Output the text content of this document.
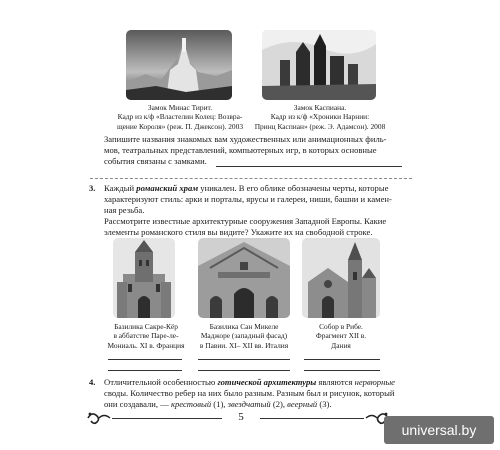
Замок Минас Тирит.
Кадр из к/ф «Властелин Колец: Возвра-
щение Короля» (реж. П. Джексон). 2003
Замок Каспиана.
Кадр из к/ф «Хроники Нарнии:
Принц Каспиан» (реж. Э. Адамсон). 2008
Запишите названия знакомых вам художественных или анимационных филь-
мов, театральных представлений, компьютерных игр, в которых основные
события связаны с замками.
3. Каждый романский храм уникален. В его облике обозначены черты, которые
характеризуют стиль: арки и порталы, ярусы и галереи, ниши, башни и камен-
ная резьба.
Рассмотрите известные архитектурные сооружения Западной Европы. Какие
элементы романского стиля вы видите? Укажите их на свободной строке.
Базилика Сакре-Кёр
в аббатстве Паре-ле-
Мониаль. XI в. Франция
Базилика Сан Микеле
Маджоре (западный фасад)
в Павии. XI– XII вв. Италия
Собор в Рибе.
Фрагмент XII в.
Дания
4. Отличительной особенностью готической архитектуры являются нервюрные
своды. Количество ребер на них было разным. Разным был и рисунок, который
они создавали, — крестовый (1), звездчатый (2), веерный (3).
5
universal.by
